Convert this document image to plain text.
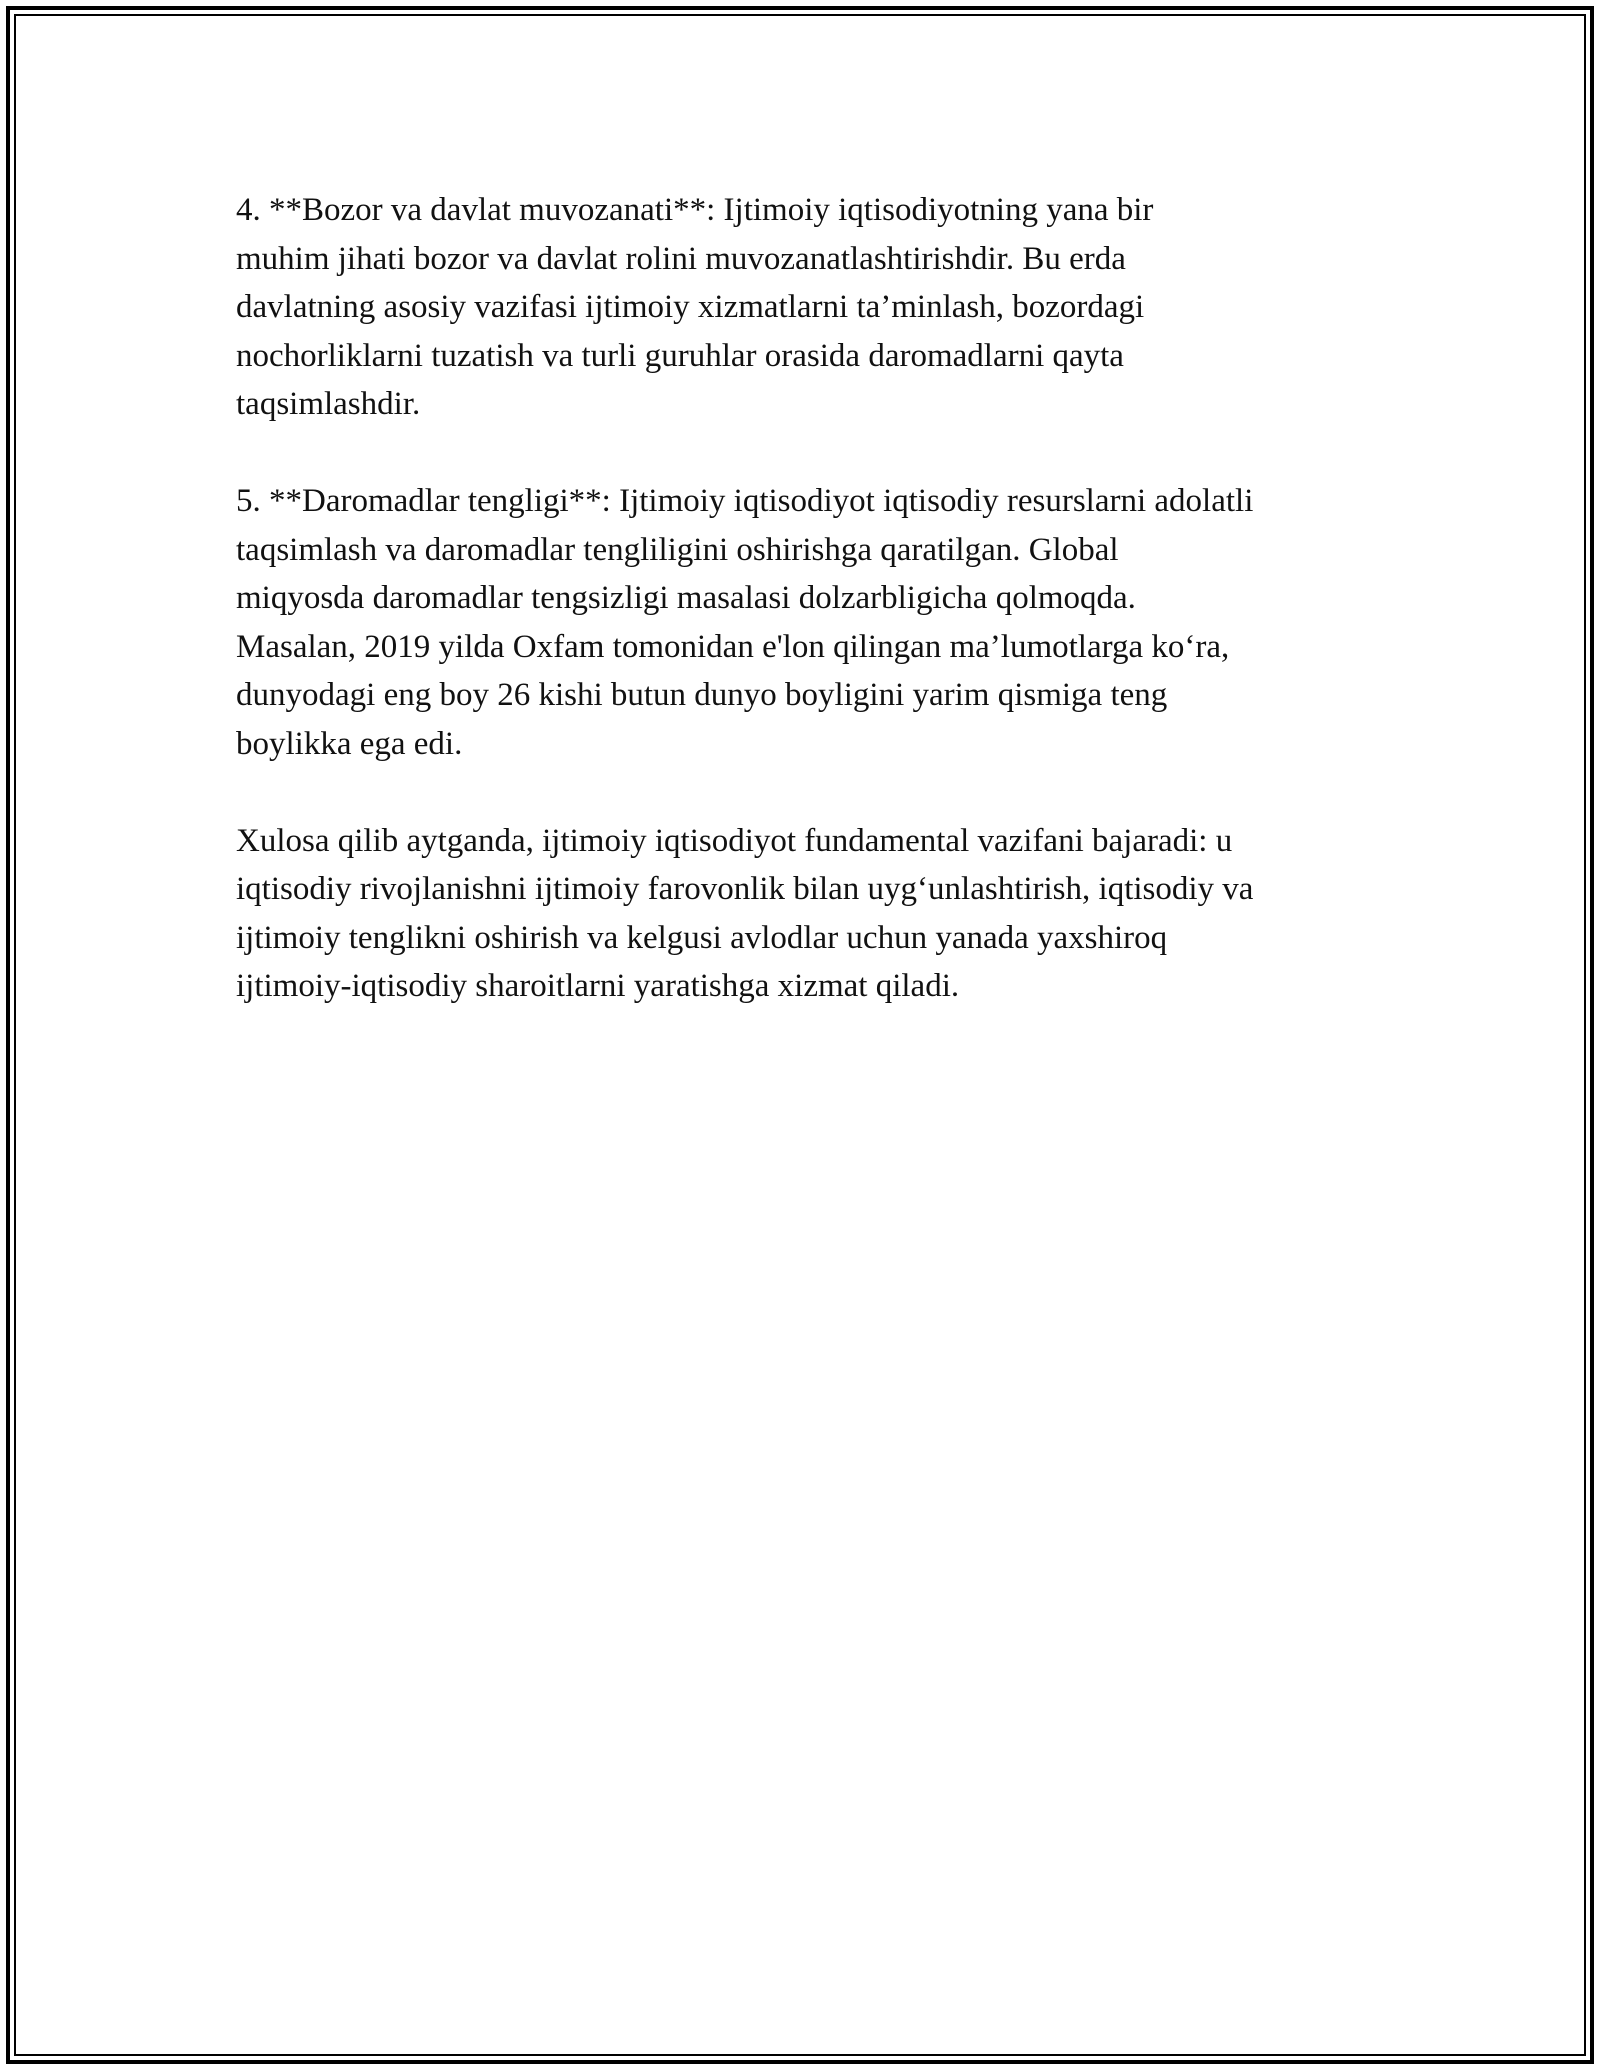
4. **Bozor va davlat muvozanati**: Ijtimoiy iqtisodiyotning yana bir
muhim jihati bozor va davlat rolini muvozanatlashtirishdir. Bu erda
davlatning asosiy vazifasi ijtimoiy xizmatlarni ta’minlash, bozordagi
nochorliklarni tuzatish va turli guruhlar orasida daromadlarni qayta
taqsimlashdir.

5. **Daromadlar tengligi**: Ijtimoiy iqtisodiyot iqtisodiy resurslarni adolatli
taqsimlash va daromadlar tengliligini oshirishga qaratilgan. Global
miqyosda daromadlar tengsizligi masalasi dolzarbligicha qolmoqda.
Masalan, 2019 yilda Oxfam tomonidan e'lon qilingan ma’lumotlarga ko‘ra,
dunyodagi eng boy 26 kishi butun dunyo boyligini yarim qismiga teng
boylikka ega edi.

Xulosa qilib aytganda, ijtimoiy iqtisodiyot fundamental vazifani bajaradi: u
iqtisodiy rivojlanishni ijtimoiy farovonlik bilan uyg‘unlashtirish, iqtisodiy va
ijtimoiy tenglikni oshirish va kelgusi avlodlar uchun yanada yaxshiroq
ijtimoiy-iqtisodiy sharoitlarni yaratishga xizmat qiladi.
